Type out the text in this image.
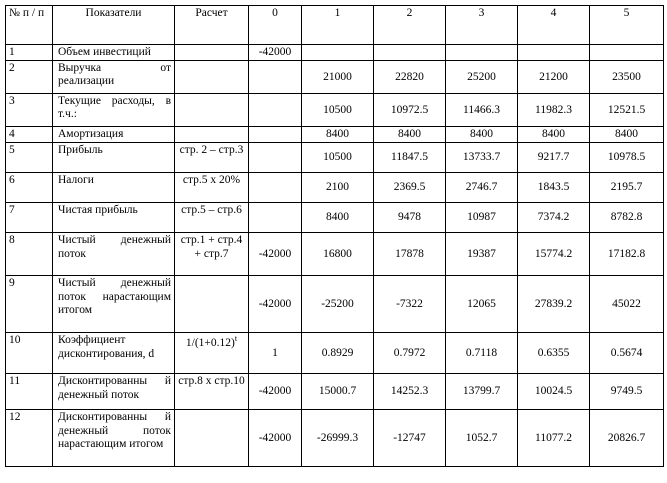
№ п / п	Показатели	Расчет	0	1	2	3	4	5
1	Объем инвестиций		-42000					
2	Выручка от реализации			21000	22820	25200	21200	23500
3	Текущие расходы, в т.ч.:			10500	10972.5	11466.3	11982.3	12521.5
4	Амортизация			8400	8400	8400	8400	8400
5	Прибыль	стр. 2 – стр.3		10500	11847.5	13733.7	9217.7	10978.5
6	Налоги	стр.5 х 20%		2100	2369.5	2746.7	1843.5	2195.7
7	Чистая прибыль	стр.5 – стр.6		8400	9478	10987	7374.2	8782.8
8	Чистый денежный поток	стр.1 + стр.4 + стр.7	-42000	16800	17878	19387	15774.2	17182.8
9	Чистый денежный поток нарастающим итогом		-42000	-25200	-7322	12065	27839.2	45022
10	Коэффициент дисконтирования, d	$1/(1+0.12)^t$	1	0.8929	0.7972	0.7118	0.6355	0.5674
11	Дисконтированны й денежный поток	стр.8 х стр.10	-42000	15000.7	14252.3	13799.7	10024.5	9749.5
12	Дисконтированны й денежный поток нарастающим итогом		-42000	-26999.3	-12747	1052.7	11077.2	20826.7
